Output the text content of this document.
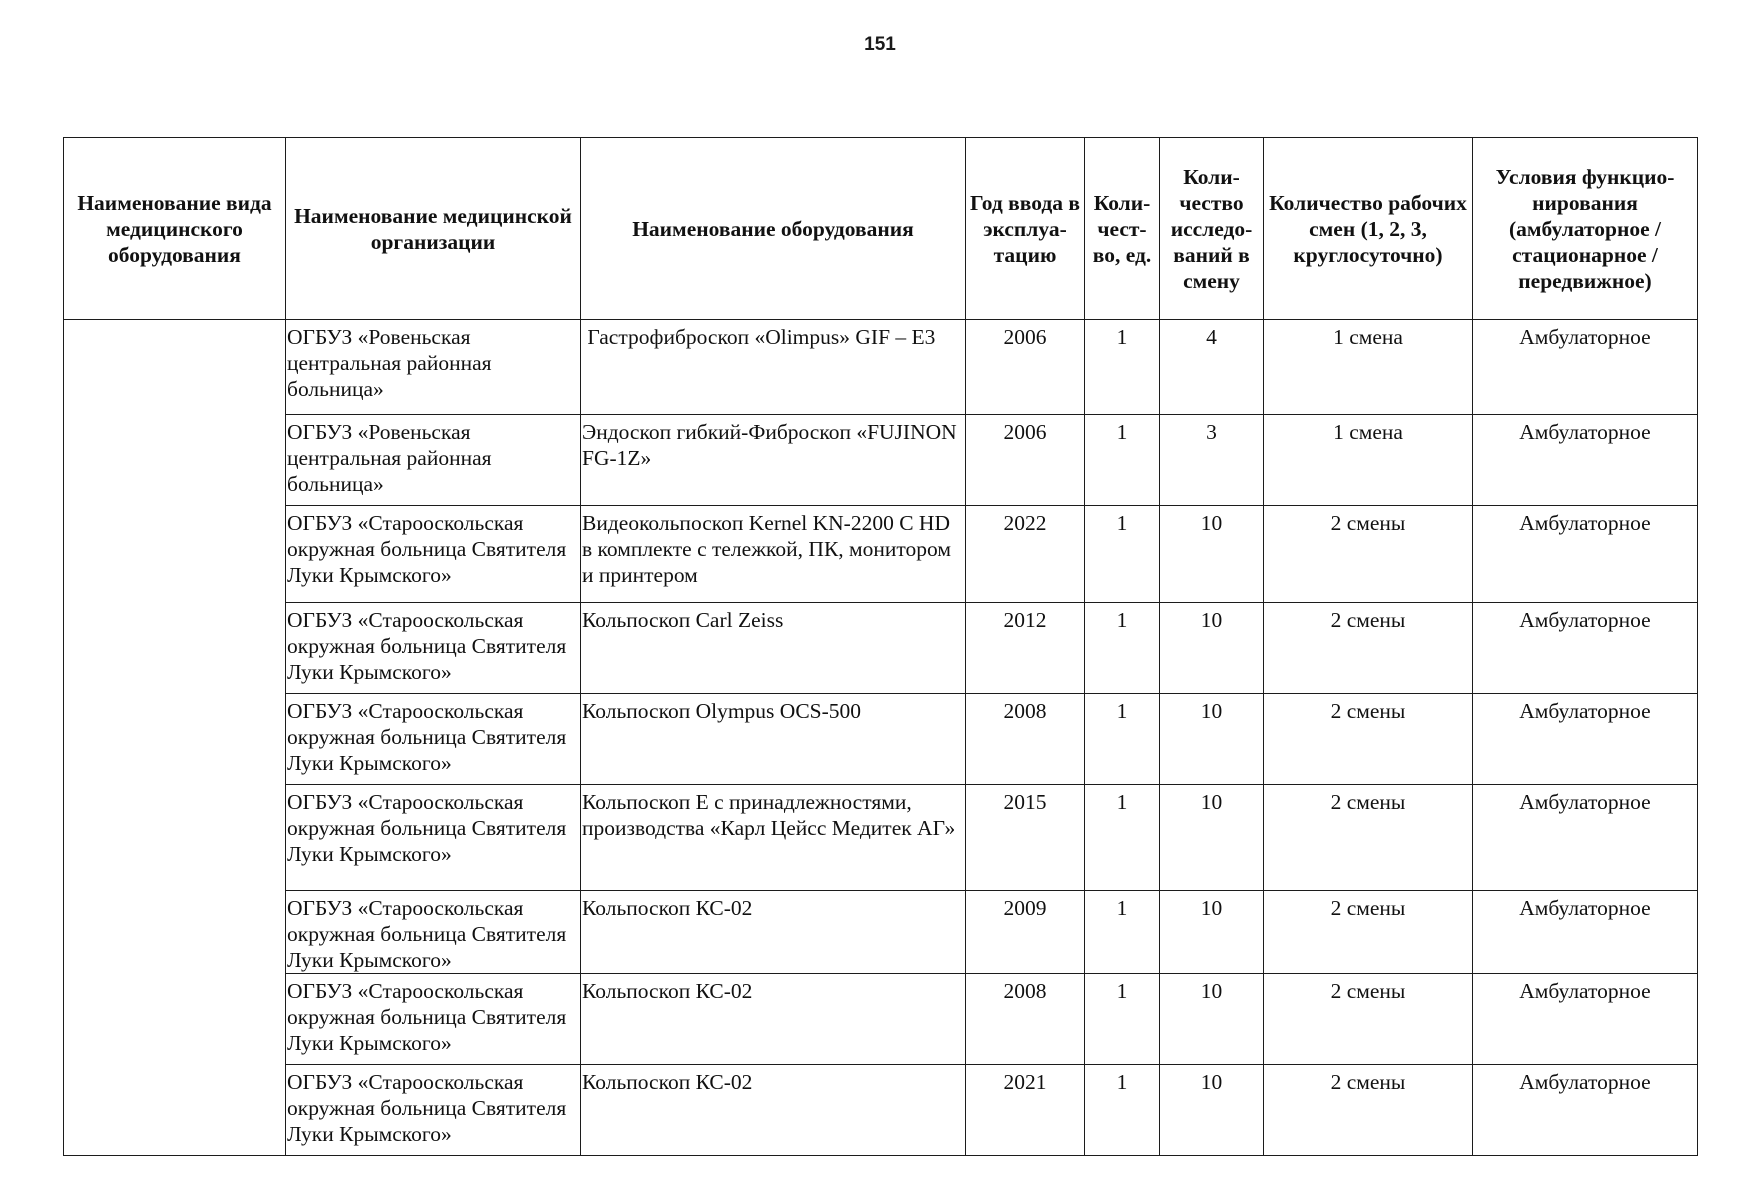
151
Наименование вида медицинского оборудования	Наименование медицинской организации	Наименование оборудования	Год ввода в эксплуа-тацию	Коли-чест-во, ед.	Коли-чество исследо-ваний в смену	Количество рабочих смен (1, 2, 3, круглосуточно)	Условия функцио-нирования (амбулаторное / стационарное / передвижное)
	ОГБУЗ «Ровеньская центральная районная больница»	Гастрофиброскоп «Olimpus» GIF – E3	2006	1	4	1 смена	Амбулаторное
	ОГБУЗ «Ровеньская центральная районная больница»	Эндоскоп гибкий-Фиброскоп «FUJINON FG-1Z»	2006	1	3	1 смена	Амбулаторное
	ОГБУЗ «Старооскольская окружная больница Святителя Луки Крымского»	Видеокольпоскоп Kernel KN-2200 C HD в комплекте с тележкой, ПК, монитором и принтером	2022	1	10	2 смены	Амбулаторное
	ОГБУЗ «Старооскольская окружная больница Святителя Луки Крымского»	Кольпоскоп Carl Zeiss	2012	1	10	2 смены	Амбулаторное
	ОГБУЗ «Старооскольская окружная больница Святителя Луки Крымского»	Кольпоскоп Olympus OCS-500	2008	1	10	2 смены	Амбулаторное
	ОГБУЗ «Старооскольская окружная больница Святителя Луки Крымского»	Кольпоскоп Е с принадлежностями, производства «Карл Цейсс Медитек АГ»	2015	1	10	2 смены	Амбулаторное
	ОГБУЗ «Старооскольская окружная больница Святителя Луки Крымского»	Кольпоскоп КС-02	2009	1	10	2 смены	Амбулаторное
	ОГБУЗ «Старооскольская окружная больница Святителя Луки Крымского»	Кольпоскоп КС-02	2008	1	10	2 смены	Амбулаторное
	ОГБУЗ «Старооскольская окружная больница Святителя Луки Крымского»	Кольпоскоп КС-02	2021	1	10	2 смены	Амбулаторное
